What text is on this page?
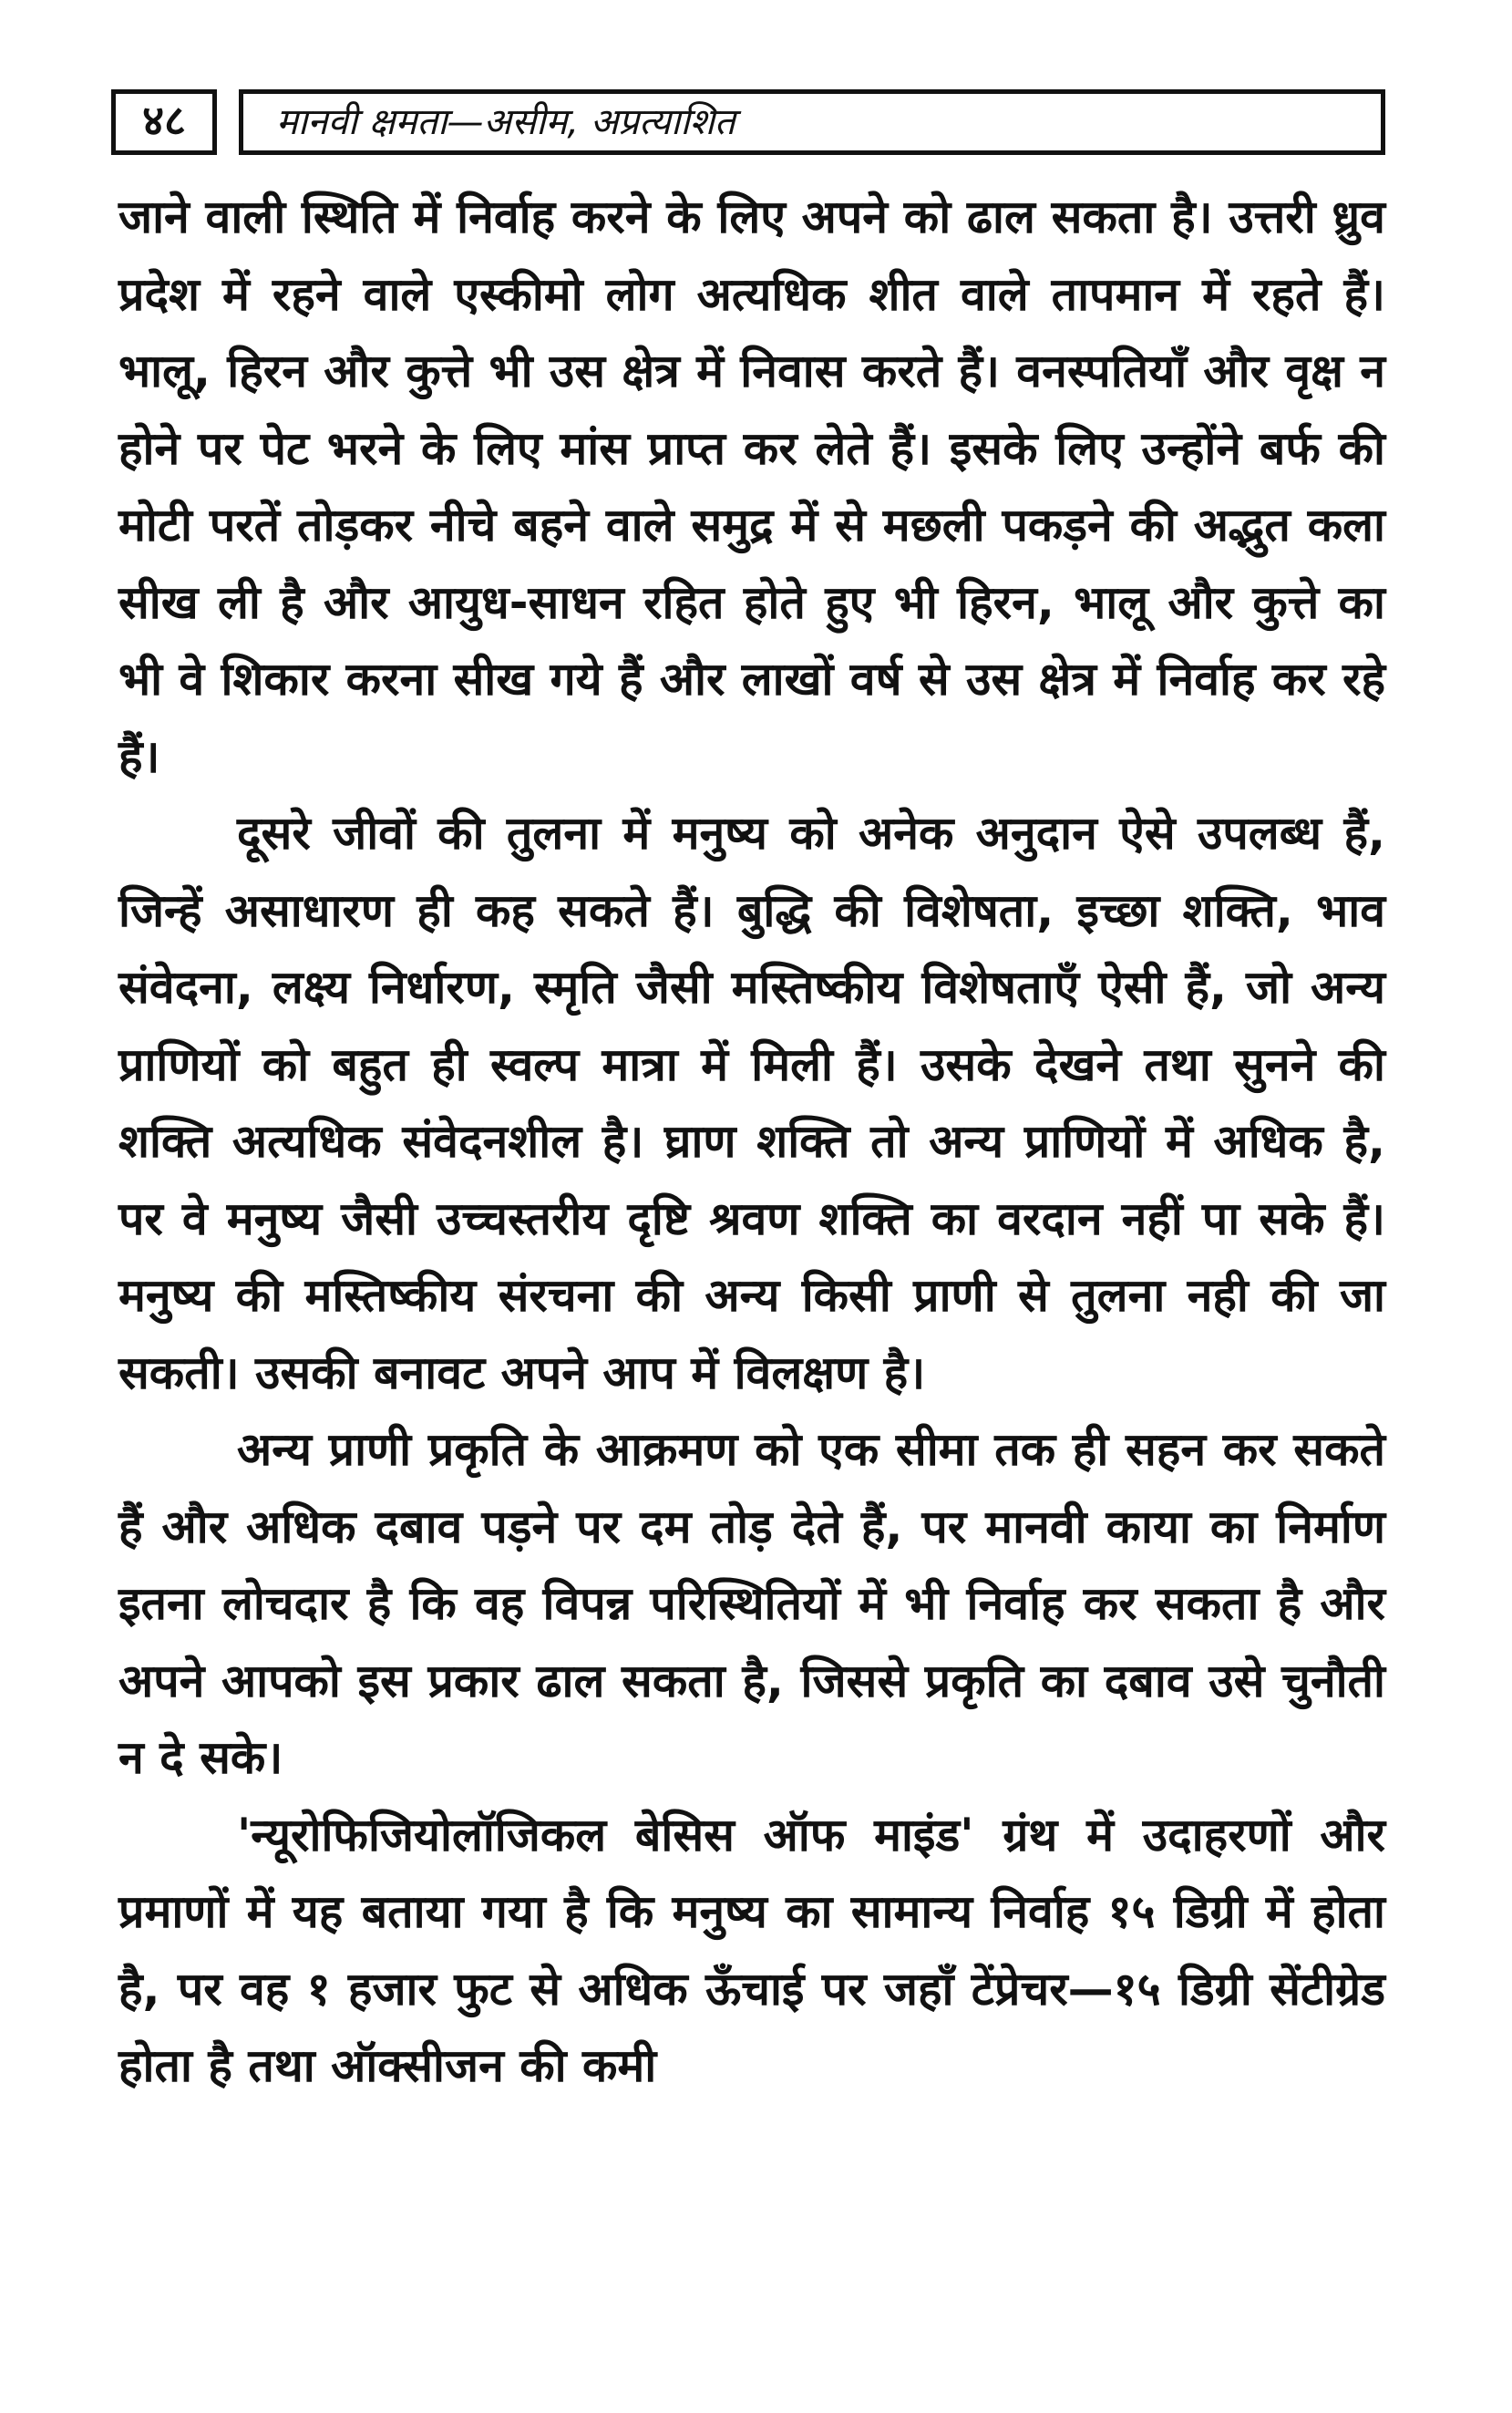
४८ मानवी क्षमता—असीम, अप्रत्याशित

जाने वाली स्थिति में निर्वाह करने के लिए अपने को ढाल सकता है। उत्तरी ध्रुव प्रदेश में रहने वाले एस्कीमो लोग अत्यधिक शीत वाले तापमान में रहते हैं। भालू, हिरन और कुत्ते भी उस क्षेत्र में निवास करते हैं। वनस्पतियाँ और वृक्ष न होने पर पेट भरने के लिए मांस प्राप्त कर लेते हैं। इसके लिए उन्होंने बर्फ की मोटी परतें तोड़कर नीचे बहने वाले समुद्र में से मछली पकड़ने की अद्भुत कला सीख ली है और आयुध-साधन रहित होते हुए भी हिरन, भालू और कुत्ते का भी वे शिकार करना सीख गये हैं और लाखों वर्ष से उस क्षेत्र में निर्वाह कर रहे हैं।

दूसरे जीवों की तुलना में मनुष्य को अनेक अनुदान ऐसे उपलब्ध हैं, जिन्हें असाधारण ही कह सकते हैं। बुद्धि की विशेषता, इच्छा शक्ति, भाव संवेदना, लक्ष्य निर्धारण, स्मृति जैसी मस्तिष्कीय विशेषताएँ ऐसी हैं, जो अन्य प्राणियों को बहुत ही स्वल्प मात्रा में मिली हैं। उसके देखने तथा सुनने की शक्ति अत्यधिक संवेदनशील है। घ्राण शक्ति तो अन्य प्राणियों में अधिक है, पर वे मनुष्य जैसी उच्चस्तरीय दृष्टि श्रवण शक्ति का वरदान नहीं पा सके हैं। मनुष्य की मस्तिष्कीय संरचना की अन्य किसी प्राणी से तुलना नही की जा सकती। उसकी बनावट अपने आप में विलक्षण है।

अन्य प्राणी प्रकृति के आक्रमण को एक सीमा तक ही सहन कर सकते हैं और अधिक दबाव पड़ने पर दम तोड़ देते हैं, पर मानवी काया का निर्माण इतना लोचदार है कि वह विपन्न परिस्थितियों में भी निर्वाह कर सकता है और अपने आपको इस प्रकार ढाल सकता है, जिससे प्रकृति का दबाव उसे चुनौती न दे सके।

'न्यूरोफिजियोलॉजिकल बेसिस ऑफ माइंड' ग्रंथ में उदाहरणों और प्रमाणों में यह बताया गया है कि मनुष्य का सामान्य निर्वाह १५ डिग्री में होता है, पर वह १ हजार फुट से अधिक ऊँचाई पर जहाँ टेंप्रेचर—१५ डिग्री सेंटीग्रेड होता है तथा ऑक्सीजन की कमी
